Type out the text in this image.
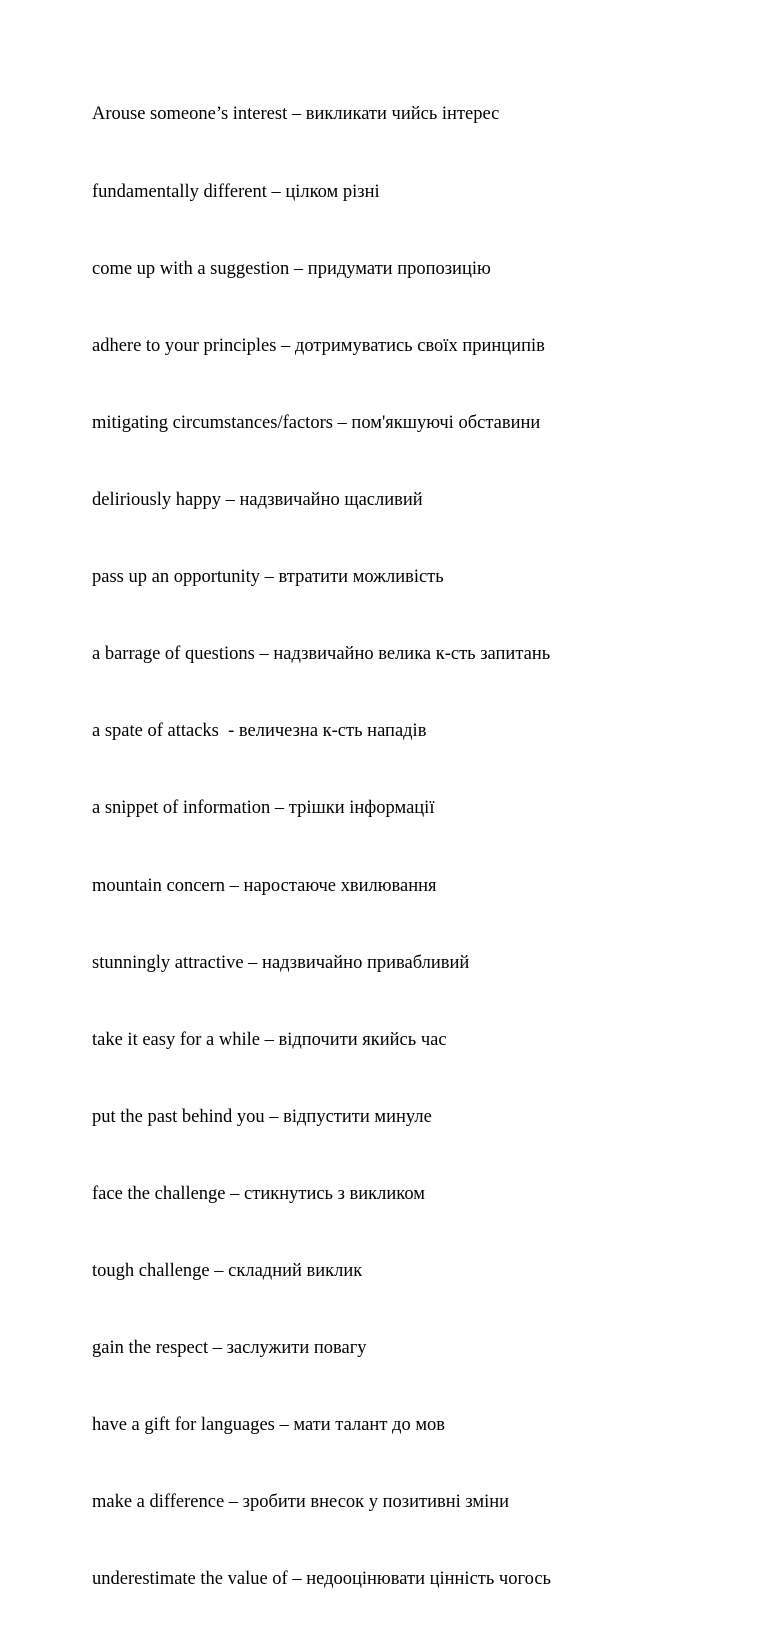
Arouse someone’s interest – викликати чийсь інтерес

fundamentally different – цілком різні

come up with a suggestion – придумати пропозицію

adhere to your principles – дотримуватись своїх принципів

mitigating circumstances/factors – пом'якшуючі обставини

deliriously happy – надзвичайно щасливий

pass up an opportunity – втратити можливість

a barrage of questions – надзвичайно велика к-сть запитань

a spate of attacks  - величезна к-сть нападів

a snippet of information – трішки інформації

mountain concern – наростаюче хвилювання

stunningly attractive – надзвичайно привабливий

take it easy for a while – відпочити якийсь час

put the past behind you – відпустити минуле

face the challenge – стикнутись з викликом

tough challenge – складний виклик

gain the respect – заслужити повагу

have a gift for languages – мати талант до мов

make a difference – зробити внесок у позитивні зміни

underestimate the value of – недооцінювати цінність чогось
